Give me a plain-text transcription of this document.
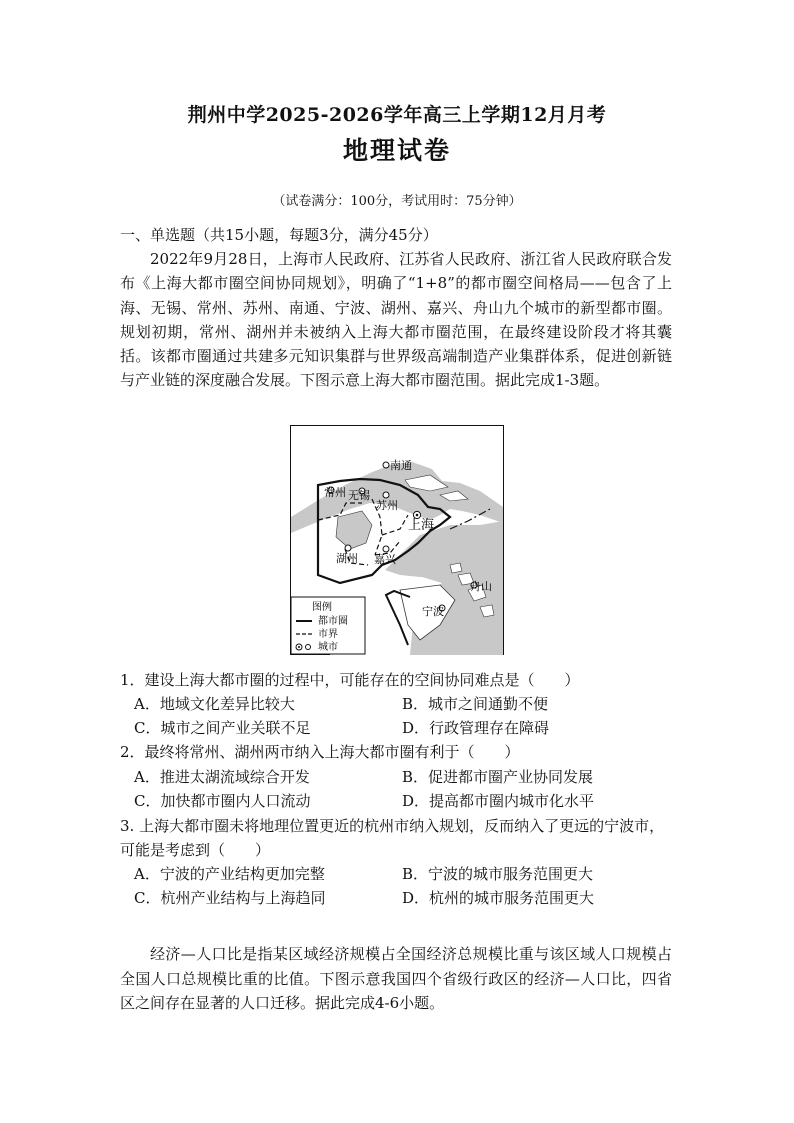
荆州中学2025-2026学年高三上学期12月月考
地理试卷
（试卷满分：100分，考试用时：75分钟）
一、单选题（共15小题，每题3分，满分45分）
2022年9月28日，上海市人民政府、江苏省人民政府、浙江省人民政府联合发布《上海大都市圈空间协同规划》，明确了“1+8”的都市圈空间格局——包含了上海、无锡、常州、苏州、南通、宁波、湖州、嘉兴、舟山九个城市的新型都市圈。规划初期，常州、湖州并未被纳入上海大都市圈范围，在最终建设阶段才将其囊括。该都市圈通过共建多元知识集群与世界级高端制造产业集群体系，促进创新链与产业链的深度融合发展。下图示意上海大都市圈范围。据此完成1-3题。
南通
常州 无锡
苏州
上海
湖州 嘉兴
舟山
宁波
图例
都市圈
市界
城市
1．建设上海大都市圈的过程中，可能存在的空间协同难点是（　　）
A．地域文化差异比较大	B．城市之间通勤不便
C．城市之间产业关联不足	D．行政管理存在障碍
2．最终将常州、湖州两市纳入上海大都市圈有利于（　　）
A．推进太湖流域综合开发	B．促进都市圈产业协同发展
C．加快都市圈内人口流动	D．提高都市圈内城市化水平
3. 上海大都市圈未将地理位置更近的杭州市纳入规划，反而纳入了更远的宁波市，可能是考虑到（　　）
A．宁波的产业结构更加完整	B．宁波的城市服务范围更大
C．杭州产业结构与上海趋同	D．杭州的城市服务范围更大
经济—人口比是指某区域经济规模占全国经济总规模比重与该区域人口规模占全国人口总规模比重的比值。下图示意我国四个省级行政区的经济—人口比，四省区之间存在显著的人口迁移。据此完成4-6小题。
